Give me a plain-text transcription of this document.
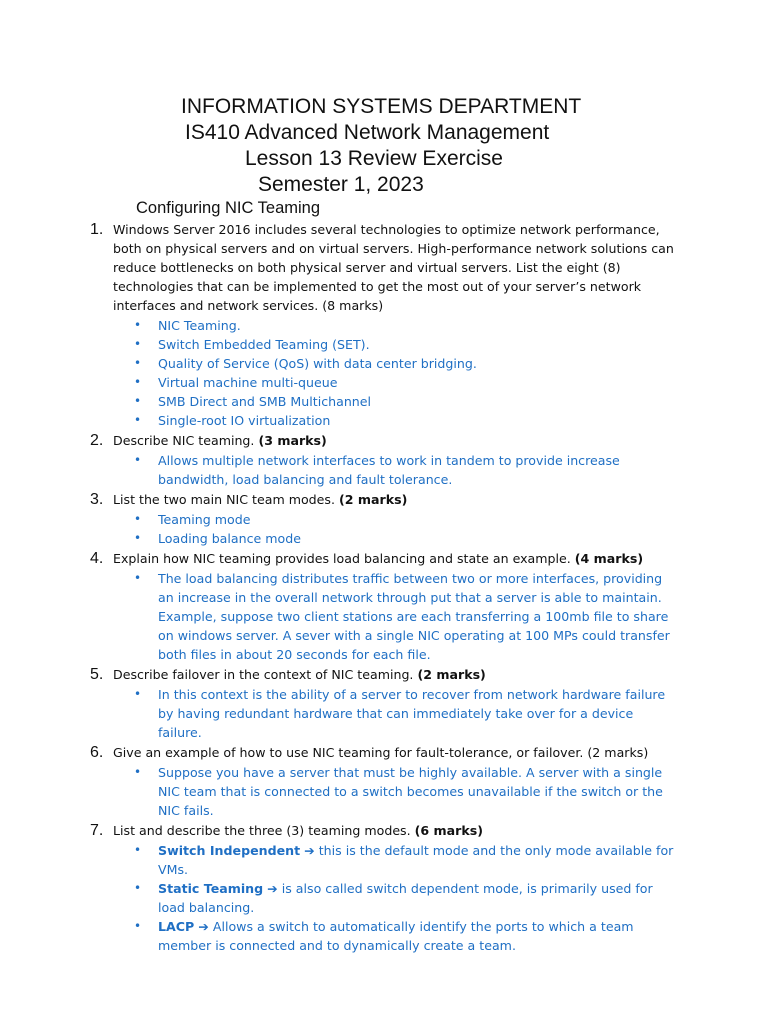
INFORMATION SYSTEMS DEPARTMENT
IS410 Advanced Network Management
Lesson 13 Review Exercise
Semester 1, 2023
Configuring NIC Teaming
1. Windows Server 2016 includes several technologies to optimize network performance, both on physical servers and on virtual servers. High-performance network solutions can reduce bottlenecks on both physical server and virtual servers. List the eight (8) technologies that can be implemented to get the most out of your server’s network interfaces and network services. (8 marks)
• NIC Teaming.
• Switch Embedded Teaming (SET).
• Quality of Service (QoS) with data center bridging.
• Virtual machine multi-queue
• SMB Direct and SMB Multichannel
• Single-root IO virtualization
2. Describe NIC teaming. (3 marks)
• Allows multiple network interfaces to work in tandem to provide increase bandwidth, load balancing and fault tolerance.
3. List the two main NIC team modes. (2 marks)
• Teaming mode
• Loading balance mode
4. Explain how NIC teaming provides load balancing and state an example. (4 marks)
• The load balancing distributes traffic between two or more interfaces, providing an increase in the overall network through put that a server is able to maintain. Example, suppose two client stations are each transferring a 100mb file to share on windows server. A sever with a single NIC operating at 100 MPs could transfer both files in about 20 seconds for each file.
5. Describe failover in the context of NIC teaming. (2 marks)
• In this context is the ability of a server to recover from network hardware failure by having redundant hardware that can immediately take over for a device failure.
6. Give an example of how to use NIC teaming for fault-tolerance, or failover. (2 marks)
• Suppose you have a server that must be highly available. A server with a single NIC team that is connected to a switch becomes unavailable if the switch or the NIC fails.
7. List and describe the three (3) teaming modes. (6 marks)
• Switch Independent ➔ this is the default mode and the only mode available for VMs.
• Static Teaming ➔ is also called switch dependent mode, is primarily used for load balancing.
• LACP ➔ Allows a switch to automatically identify the ports to which a team member is connected and to dynamically create a team.
